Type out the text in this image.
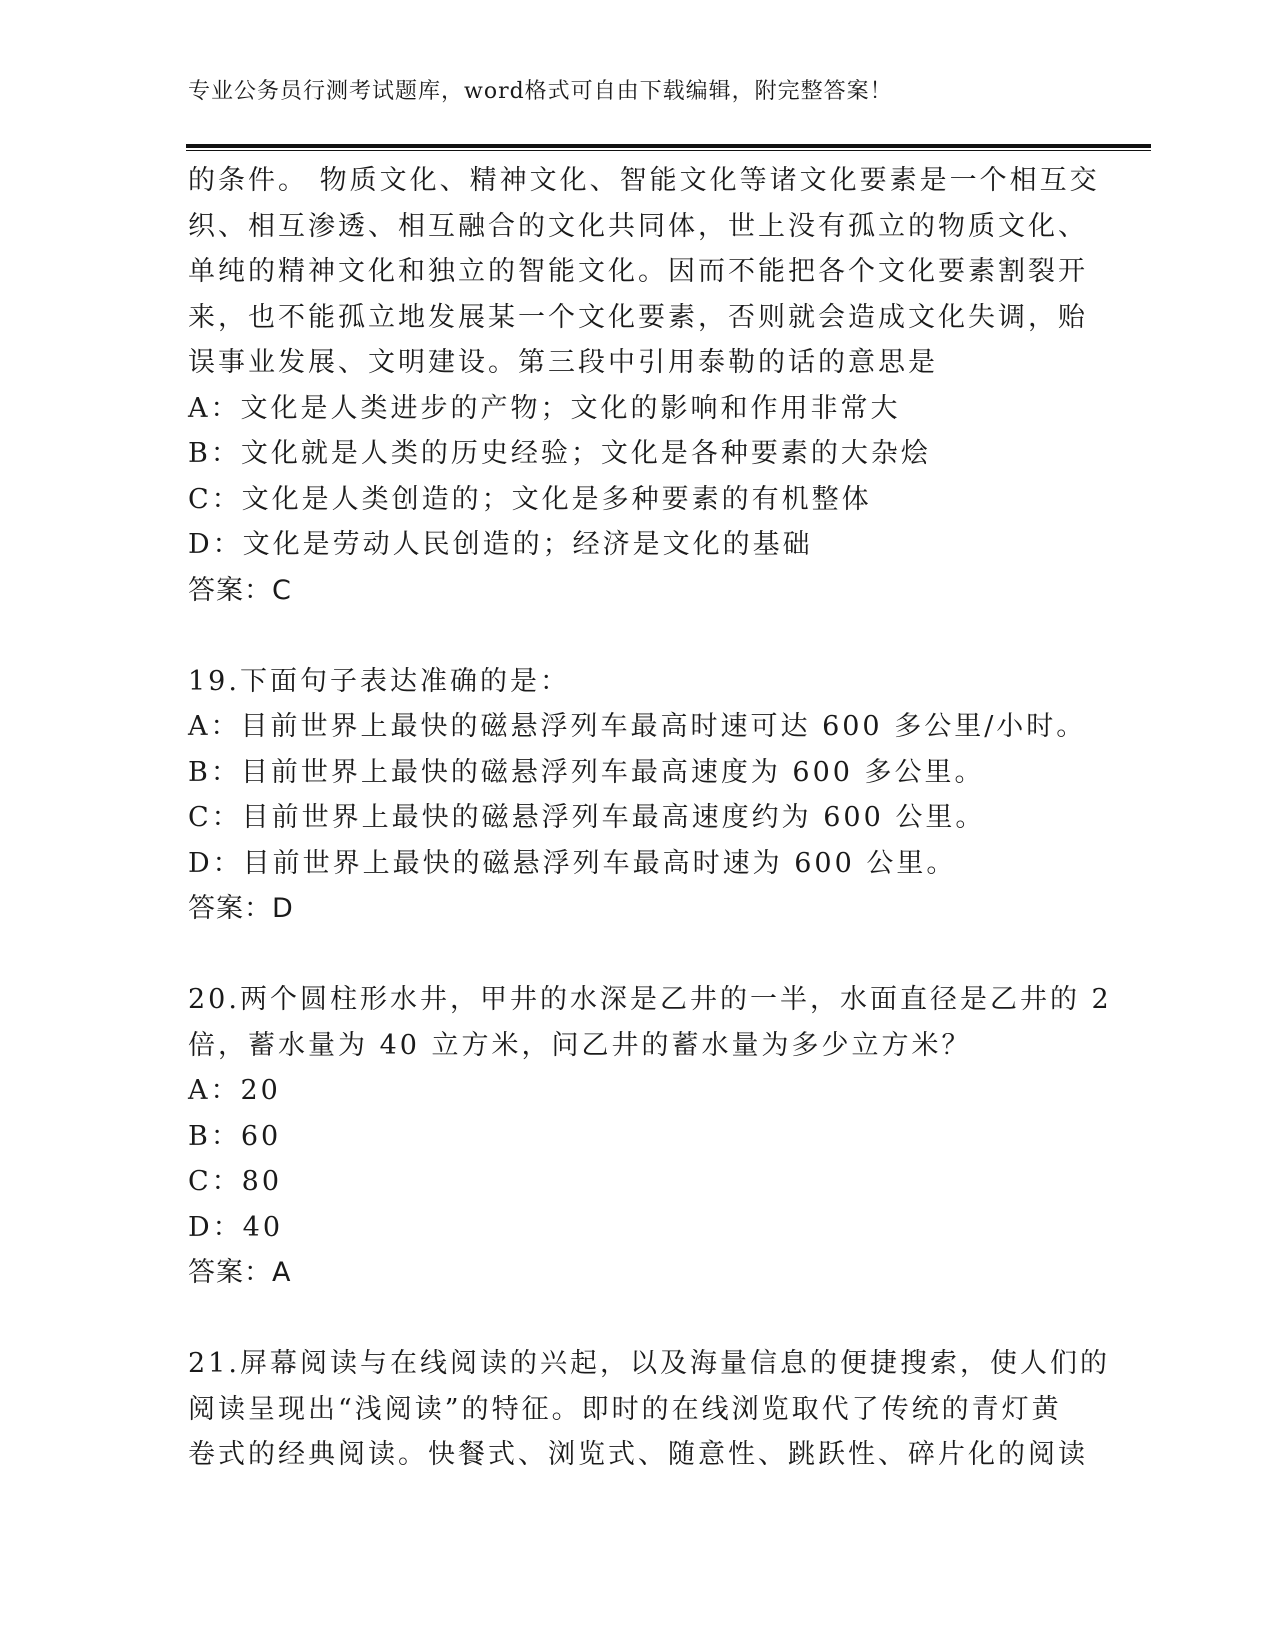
专业公务员行测考试题库，word格式可自由下载编辑，附完整答案！
的条件。 物质文化、精神文化、智能文化等诸文化要素是一个相互交
织、相互渗透、相互融合的文化共同体，世上没有孤立的物质文化、
单纯的精神文化和独立的智能文化。因而不能把各个文化要素割裂开
来，也不能孤立地发展某一个文化要素，否则就会造成文化失调，贻
误事业发展、文明建设。第三段中引用泰勒的话的意思是
A：文化是人类进步的产物；文化的影响和作用非常大
B：文化就是人类的历史经验；文化是各种要素的大杂烩
C：文化是人类创造的；文化是多种要素的有机整体
D：文化是劳动人民创造的；经济是文化的基础
答案：C
19.下面句子表达准确的是：
A：目前世界上最快的磁悬浮列车最高时速可达 600 多公里/小时。
B：目前世界上最快的磁悬浮列车最高速度为 600 多公里。
C：目前世界上最快的磁悬浮列车最高速度约为 600 公里。
D：目前世界上最快的磁悬浮列车最高时速为 600 公里。
答案：D
20.两个圆柱形水井，甲井的水深是乙井的一半，水面直径是乙井的 2
倍，蓄水量为 40 立方米，问乙井的蓄水量为多少立方米？
A：20
B：60
C：80
D：40
答案：A
21.屏幕阅读与在线阅读的兴起，以及海量信息的便捷搜索，使人们的
阅读呈现出“浅阅读”的特征。即时的在线浏览取代了传统的青灯黄
卷式的经典阅读。快餐式、浏览式、随意性、跳跃性、碎片化的阅读
